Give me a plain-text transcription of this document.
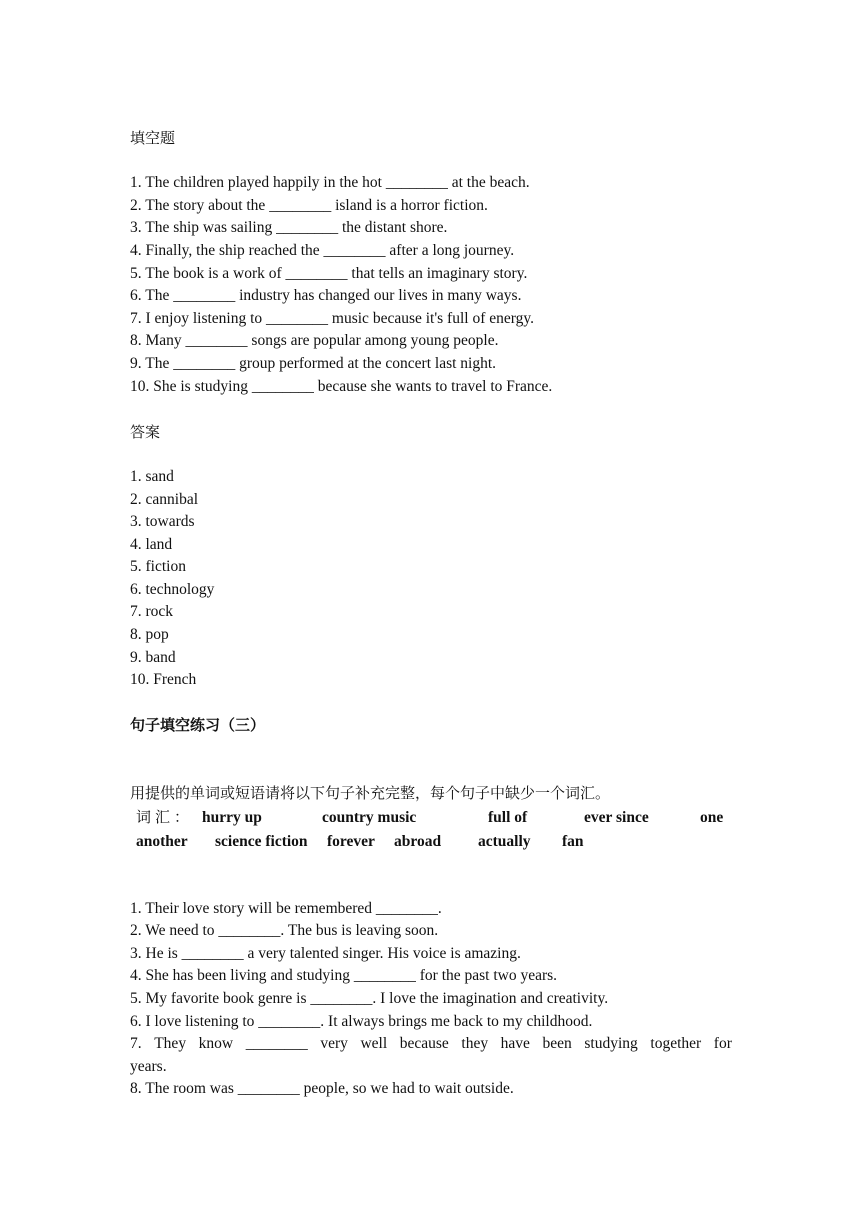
填空题
1. The children played happily in the hot ________ at the beach.
2. The story about the ________ island is a horror fiction.
3. The ship was sailing ________ the distant shore.
4. Finally, the ship reached the ________ after a long journey.
5. The book is a work of ________ that tells an imaginary story.
6. The ________ industry has changed our lives in many ways.
7. I enjoy listening to ________ music because it's full of energy.
8. Many ________ songs are popular among young people.
9. The ________ group performed at the concert last night.
10. She is studying ________ because she wants to travel to France.
答案
1. sand
2. cannibal
3. towards
4. land
5. fiction
6. technology
7. rock
8. pop
9. band
10. French
句子填空练习（三）
用提供的单词或短语请将以下句子补充完整，每个句子中缺少一个词汇。
词汇： hurry up	country music	full of	ever since	one
another	science fiction	forever	abroad	actually	fan
1. Their love story will be remembered ________.
2. We need to ________. The bus is leaving soon.
3. He is ________ a very talented singer. His voice is amazing.
4. She has been living and studying ________ for the past two years.
5. My favorite book genre is ________. I love the imagination and creativity.
6. I love listening to ________. It always brings me back to my childhood.
7. They know ________ very well because they have been studying together for
years.
8. The room was ________ people, so we had to wait outside.
